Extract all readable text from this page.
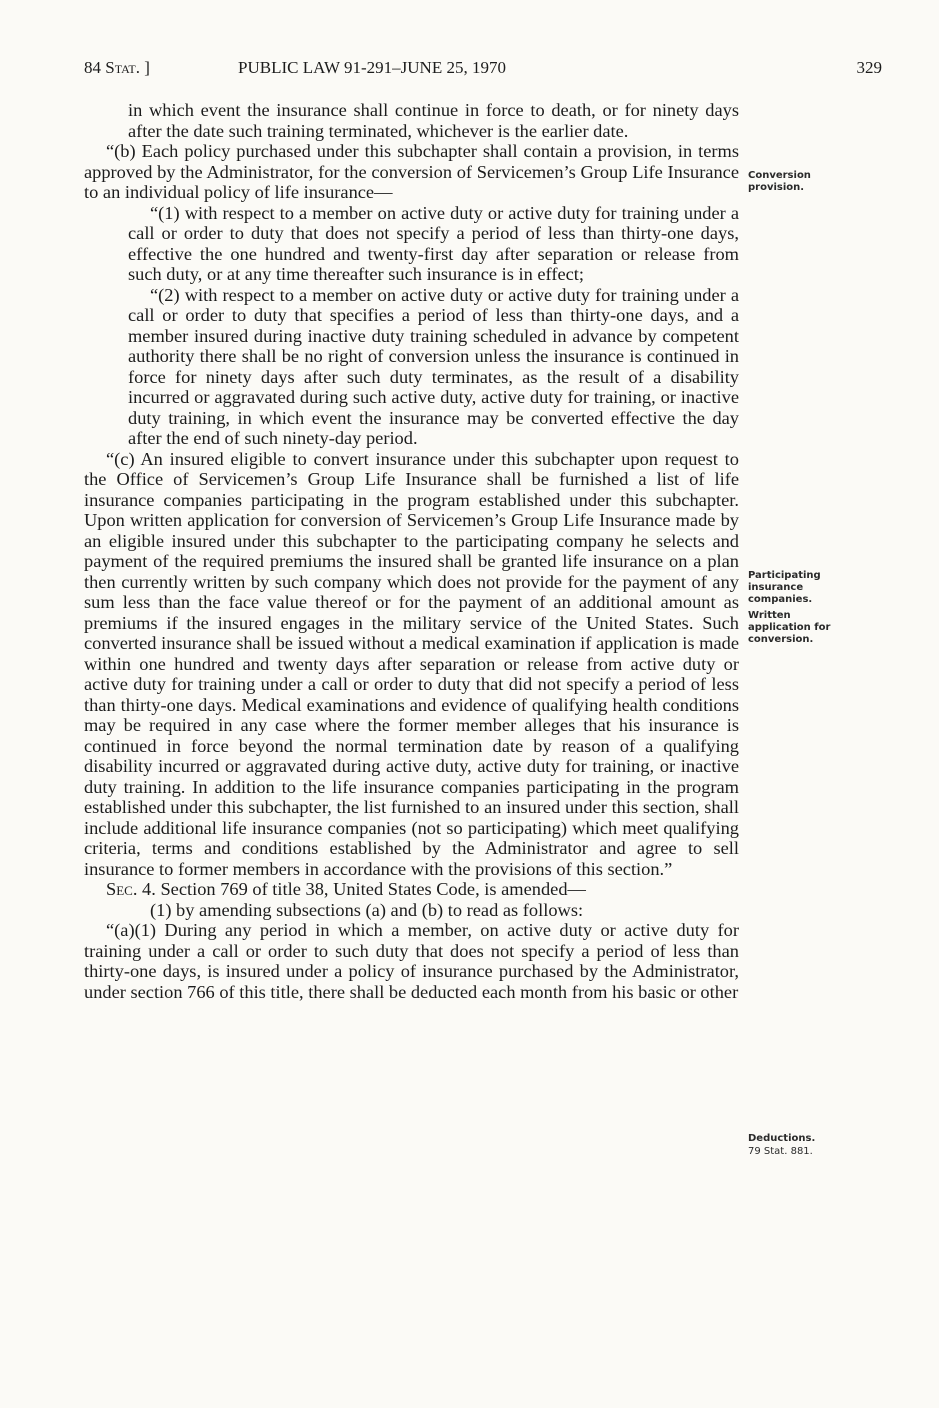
84 Stat. ]	PUBLIC LAW 91-291–JUNE 25, 1970	329

in which event the insurance shall continue in force to death, or for ninety days after the date such training terminated, whichever is the earlier date.

“(b) Each policy purchased under this subchapter shall contain a provision, in terms approved by the Administrator, for the conversion of Servicemen’s Group Life Insurance to an individual policy of life insurance—

“(1) with respect to a member on active duty or active duty for training under a call or order to duty that does not specify a period of less than thirty-one days, effective the one hundred and twenty-first day after separation or release from such duty, or at any time thereafter such insurance is in effect;

“(2) with respect to a member on active duty or active duty for training under a call or order to duty that specifies a period of less than thirty-one days, and a member insured during inactive duty training scheduled in advance by competent authority there shall be no right of conversion unless the insurance is continued in force for ninety days after such duty terminates, as the result of a disability incurred or aggravated during such active duty, active duty for training, or inactive duty training, in which event the insurance may be converted effective the day after the end of such ninety-day period.

“(c) An insured eligible to convert insurance under this subchapter upon request to the Office of Servicemen’s Group Life Insurance shall be furnished a list of life insurance companies participating in the program established under this subchapter. Upon written application for conversion of Servicemen’s Group Life Insurance made by an eligible insured under this subchapter to the participating company he selects and payment of the required premiums the insured shall be granted life insurance on a plan then currently written by such company which does not provide for the payment of any sum less than the face value thereof or for the payment of an additional amount as premiums if the insured engages in the military service of the United States. Such converted insurance shall be issued without a medical examination if application is made within one hundred and twenty days after separation or release from active duty or active duty for training under a call or order to duty that did not specify a period of less than thirty-one days. Medical examinations and evidence of qualifying health conditions may be required in any case where the former member alleges that his insurance is continued in force beyond the normal termination date by reason of a qualifying disability incurred or aggravated during active duty, active duty for training, or inactive duty training. In addition to the life insurance companies participating in the program established under this subchapter, the list furnished to an insured under this section, shall include additional life insurance companies (not so participating) which meet qualifying criteria, terms and conditions established by the Administrator and agree to sell insurance to former members in accordance with the provisions of this section.”

Sec. 4. Section 769 of title 38, United States Code, is amended—

(1) by amending subsections (a) and (b) to read as follows:

“(a)(1) During any period in which a member, on active duty or active duty for training under a call or order to such duty that does not specify a period of less than thirty-one days, is insured under a policy of insurance purchased by the Administrator, under section 766 of this title, there shall be deducted each month from his basic or other

Conversion provision.
Participating insurance companies.
Written application for conversion.
Deductions.
79 Stat. 881.
